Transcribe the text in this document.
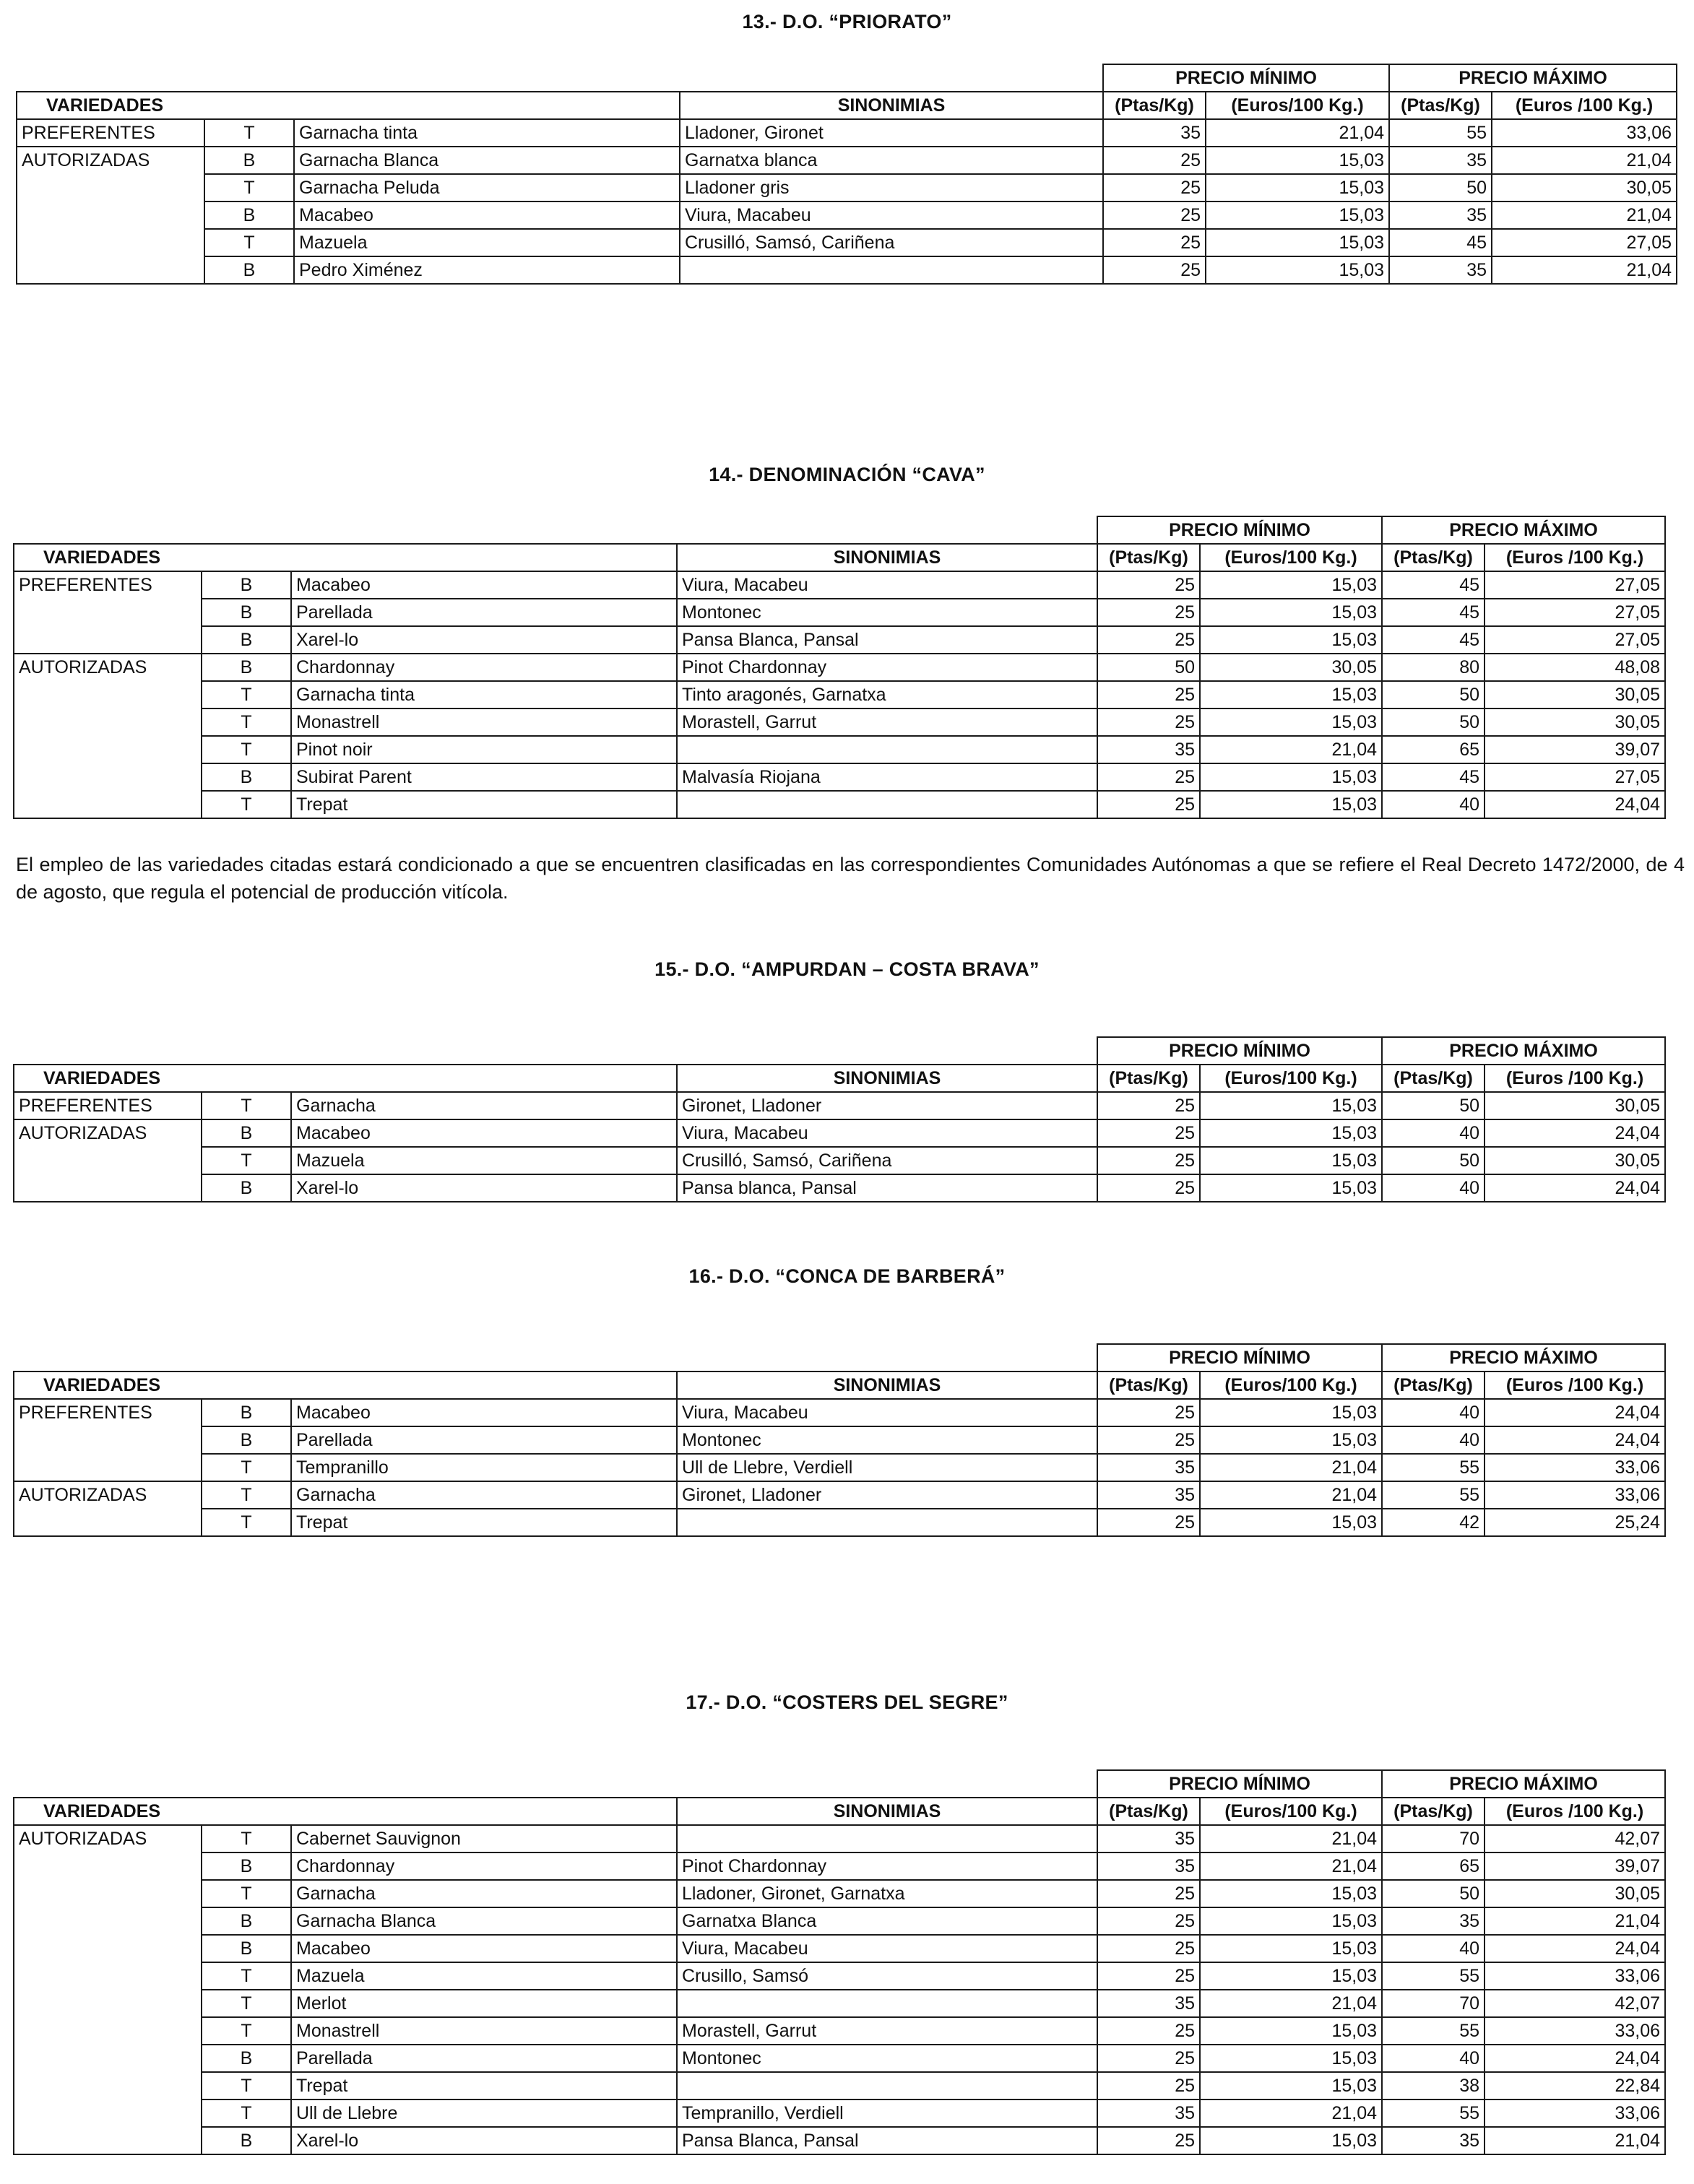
13.- D.O. “PRIORATO”
				PRECIO MÍNIMO		PRECIO MÁXIMO	
VARIEDADES			SINONIMIAS	(Ptas/Kg)	(Euros/100 Kg.)	(Ptas/Kg)	(Euros /100 Kg.)
PREFERENTES	T	Garnacha tinta	Lladoner, Gironet	35	21,04	55	33,06
AUTORIZADAS	B	Garnacha Blanca	Garnatxa blanca	25	15,03	35	21,04
	T	Garnacha Peluda	Lladoner gris	25	15,03	50	30,05
	B	Macabeo	Viura, Macabeu	25	15,03	35	21,04
	T	Mazuela	Crusilló, Samsó, Cariñena	25	15,03	45	27,05
	B	Pedro Ximénez		25	15,03	35	21,04
14.- DENOMINACIÓN “CAVA”
				PRECIO MÍNIMO		PRECIO MÁXIMO	
VARIEDADES			SINONIMIAS	(Ptas/Kg)	(Euros/100 Kg.)	(Ptas/Kg)	(Euros /100 Kg.)
PREFERENTES	B	Macabeo	Viura, Macabeu	25	15,03	45	27,05
	B	Parellada	Montonec	25	15,03	45	27,05
	B	Xarel-lo	Pansa Blanca, Pansal	25	15,03	45	27,05
AUTORIZADAS	B	Chardonnay	Pinot Chardonnay	50	30,05	80	48,08
	T	Garnacha tinta	Tinto aragonés, Garnatxa	25	15,03	50	30,05
	T	Monastrell	Morastell, Garrut	25	15,03	50	30,05
	T	Pinot noir		35	21,04	65	39,07
	B	Subirat Parent	Malvasía Riojana	25	15,03	45	27,05
	T	Trepat		25	15,03	40	24,04
15.- D.O. “AMPURDAN – COSTA BRAVA”
				PRECIO MÍNIMO		PRECIO MÁXIMO	
VARIEDADES			SINONIMIAS	(Ptas/Kg)	(Euros/100 Kg.)	(Ptas/Kg)	(Euros /100 Kg.)
PREFERENTES	T	Garnacha	Gironet, Lladoner	25	15,03	50	30,05
AUTORIZADAS	B	Macabeo	Viura, Macabeu	25	15,03	40	24,04
	T	Mazuela	Crusilló, Samsó, Cariñena	25	15,03	50	30,05
	B	Xarel-lo	Pansa blanca, Pansal	25	15,03	40	24,04
16.- D.O. “CONCA DE BARBERÁ”
				PRECIO MÍNIMO		PRECIO MÁXIMO	
VARIEDADES			SINONIMIAS	(Ptas/Kg)	(Euros/100 Kg.)	(Ptas/Kg)	(Euros /100 Kg.)
PREFERENTES	B	Macabeo	Viura, Macabeu	25	15,03	40	24,04
	B	Parellada	Montonec	25	15,03	40	24,04
	T	Tempranillo	Ull de Llebre, Verdiell	35	21,04	55	33,06
AUTORIZADAS	T	Garnacha	Gironet, Lladoner	35	21,04	55	33,06
	T	Trepat		25	15,03	42	25,24
17.- D.O. “COSTERS DEL SEGRE”
				PRECIO MÍNIMO		PRECIO MÁXIMO	
VARIEDADES			SINONIMIAS	(Ptas/Kg)	(Euros/100 Kg.)	(Ptas/Kg)	(Euros /100 Kg.)
AUTORIZADAS	T	Cabernet Sauvignon		35	21,04	70	42,07
	B	Chardonnay	Pinot Chardonnay	35	21,04	65	39,07
	T	Garnacha	Lladoner, Gironet, Garnatxa	25	15,03	50	30,05
	B	Garnacha Blanca	Garnatxa Blanca	25	15,03	35	21,04
	B	Macabeo	Viura, Macabeu	25	15,03	40	24,04
	T	Mazuela	Crusillo, Samsó	25	15,03	55	33,06
	T	Merlot		35	21,04	70	42,07
	T	Monastrell	Morastell, Garrut	25	15,03	55	33,06
	B	Parellada	Montonec	25	15,03	40	24,04
	T	Trepat		25	15,03	38	22,84
	T	Ull de Llebre	Tempranillo, Verdiell	35	21,04	55	33,06
	B	Xarel-lo	Pansa Blanca, Pansal	25	15,03	35	21,04
El empleo de las variedades citadas estará condicionado a que se encuentren clasificadas en las correspondientes Comunidades Autónomas a que se refiere el Real Decreto 1472/2000, de 4 de agosto, que regula el potencial de producción vitícola.
